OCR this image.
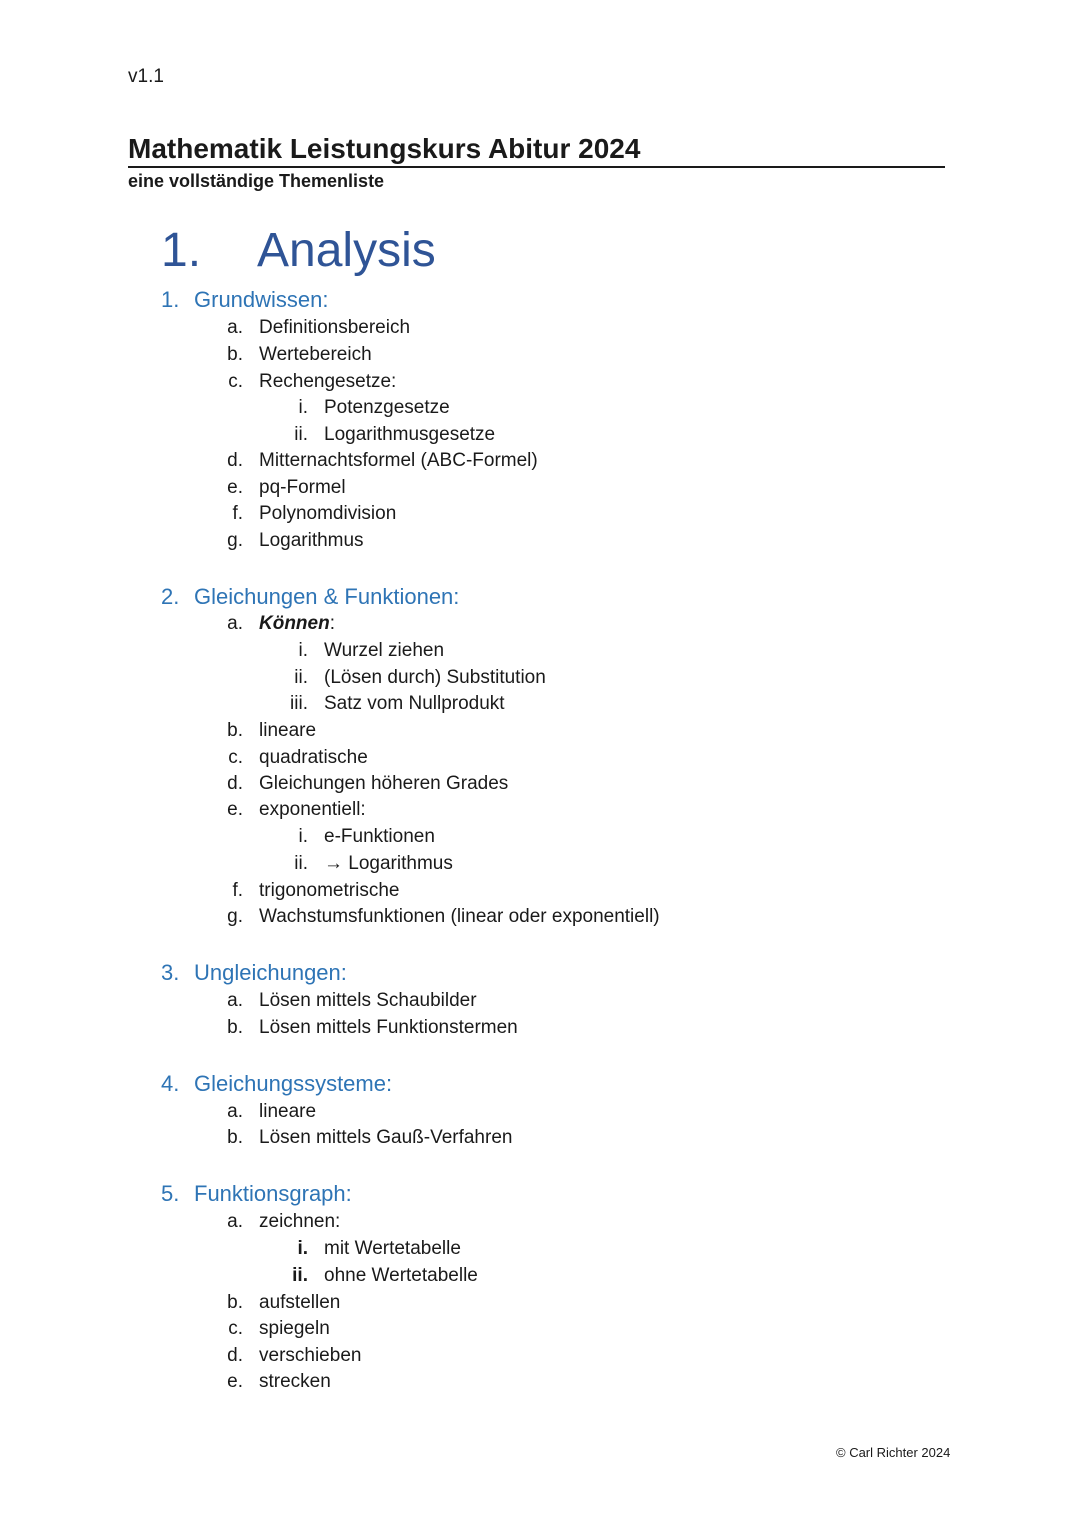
v1.1
Mathematik Leistungskurs Abitur 2024
eine vollständige Themenliste
1. Analysis
1. Grundwissen:
a. Definitionsbereich
b. Wertebereich
c. Rechengesetze:
i. Potenzgesetze
ii. Logarithmusgesetze
d. Mitternachtsformel (ABC-Formel)
e. pq-Formel
f. Polynomdivision
g. Logarithmus
2. Gleichungen & Funktionen:
a. Können:
i. Wurzel ziehen
ii. (Lösen durch) Substitution
iii. Satz vom Nullprodukt
b. lineare
c. quadratische
d. Gleichungen höheren Grades
e. exponentiell:
i. e-Funktionen
ii. → Logarithmus
f. trigonometrische
g. Wachstumsfunktionen (linear oder exponentiell)
3. Ungleichungen:
a. Lösen mittels Schaubilder
b. Lösen mittels Funktionstermen
4. Gleichungssysteme:
a. lineare
b. Lösen mittels Gauß-Verfahren
5. Funktionsgraph:
a. zeichnen:
i. mit Wertetabelle
ii. ohne Wertetabelle
b. aufstellen
c. spiegeln
d. verschieben
e. strecken
© Carl Richter 2024
